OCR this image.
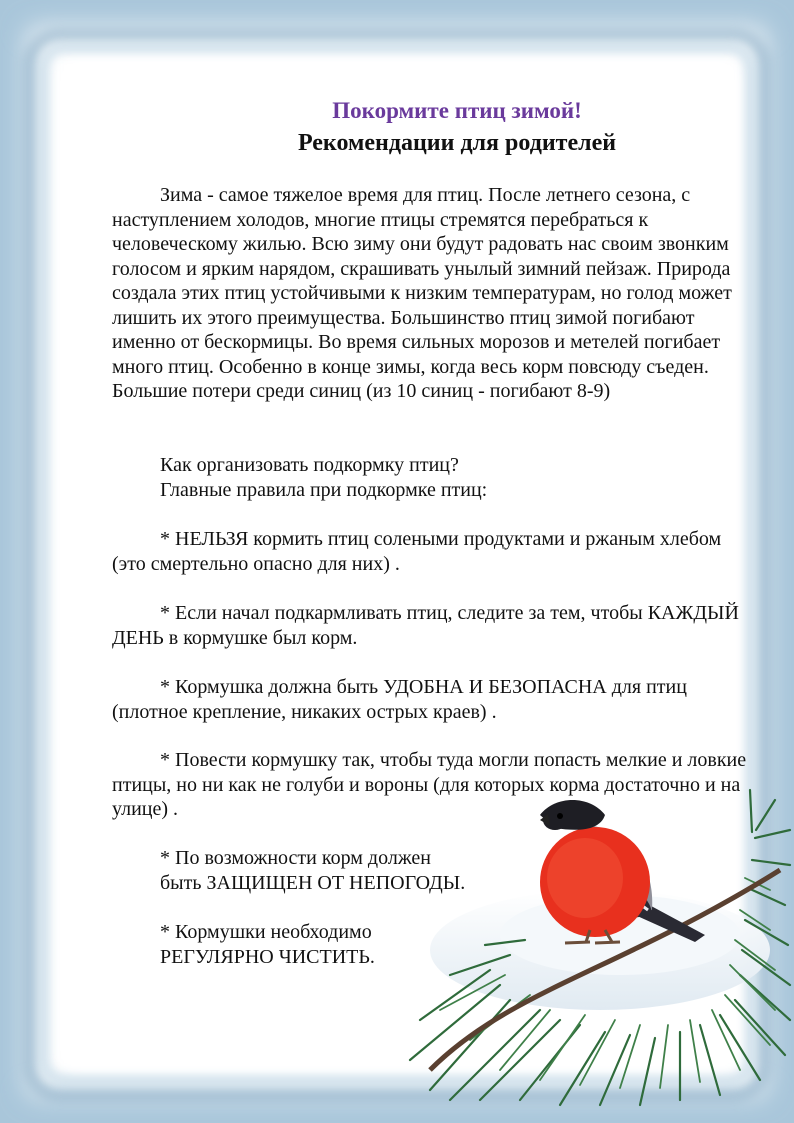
Покормите птиц зимой!
Рекомендации для родителей

Зима - самое тяжелое время для птиц. После летнего сезона, с наступлением холодов, многие птицы стремятся перебраться к человеческому жилью. Всю зиму они будут радовать нас своим звонким голосом и ярким нарядом, скрашивать унылый зимний пейзаж. Природа создала этих птиц устойчивыми к низким температурам, но голод может лишить их этого преимущества. Большинство птиц зимой погибают именно от бескормицы. Во время сильных морозов и метелей погибает много птиц. Особенно в конце зимы, когда весь корм повсюду съеден. Большие потери среди синиц (из 10 синиц - погибают 8-9)

Как организовать подкормку птиц?

Главные правила при подкормке птиц:

* НЕЛЬЗЯ кормить птиц солеными продуктами и ржаным хлебом (это смертельно опасно для них) .

* Если начал подкармливать птиц, следите за тем, чтобы КАЖДЫЙ ДЕНЬ в кормушке был корм.

* Кормушка должна быть УДОБНА И БЕЗОПАСНА для птиц (плотное крепление, никаких острых краев) .

* Повести кормушку так, чтобы туда могли попасть мелкие и ловкие птицы, но ни как не голуби и вороны (для которых корма достаточно и на улице) .

* По возможности корм должен

быть ЗАЩИЩЕН ОТ НЕПОГОДЫ.

* Кормушки необходимо

РЕГУЛЯРНО ЧИСТИТЬ.
